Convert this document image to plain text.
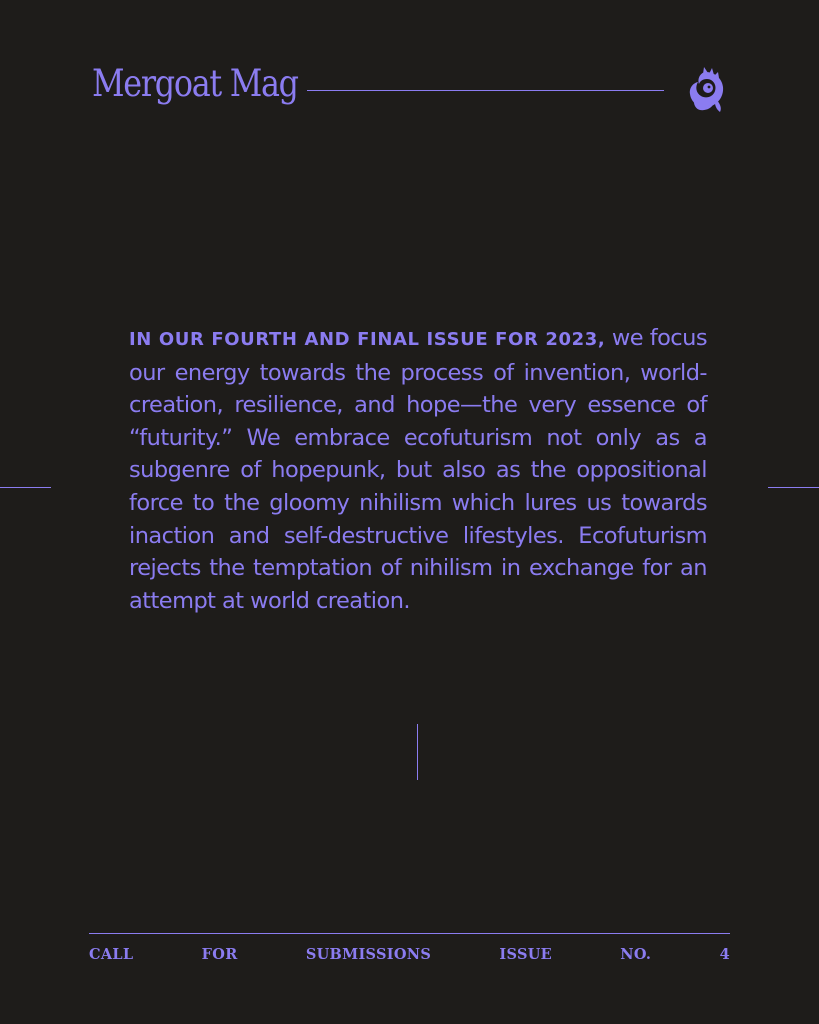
Mergoat Mag

IN OUR FOURTH AND FINAL ISSUE FOR 2023, we focus our energy towards the process of invention, world-creation, resilience, and hope—the very essence of “futurity.” We embrace ecofuturism not only as a subgenre of hopepunk, but also as the oppositional force to the gloomy nihilism which lures us towards inaction and self-destructive lifestyles. Ecofuturism rejects the temptation of nihilism in exchange for an attempt at world creation.

CALL	FOR	SUBMISSIONS	ISSUE	NO.	4
